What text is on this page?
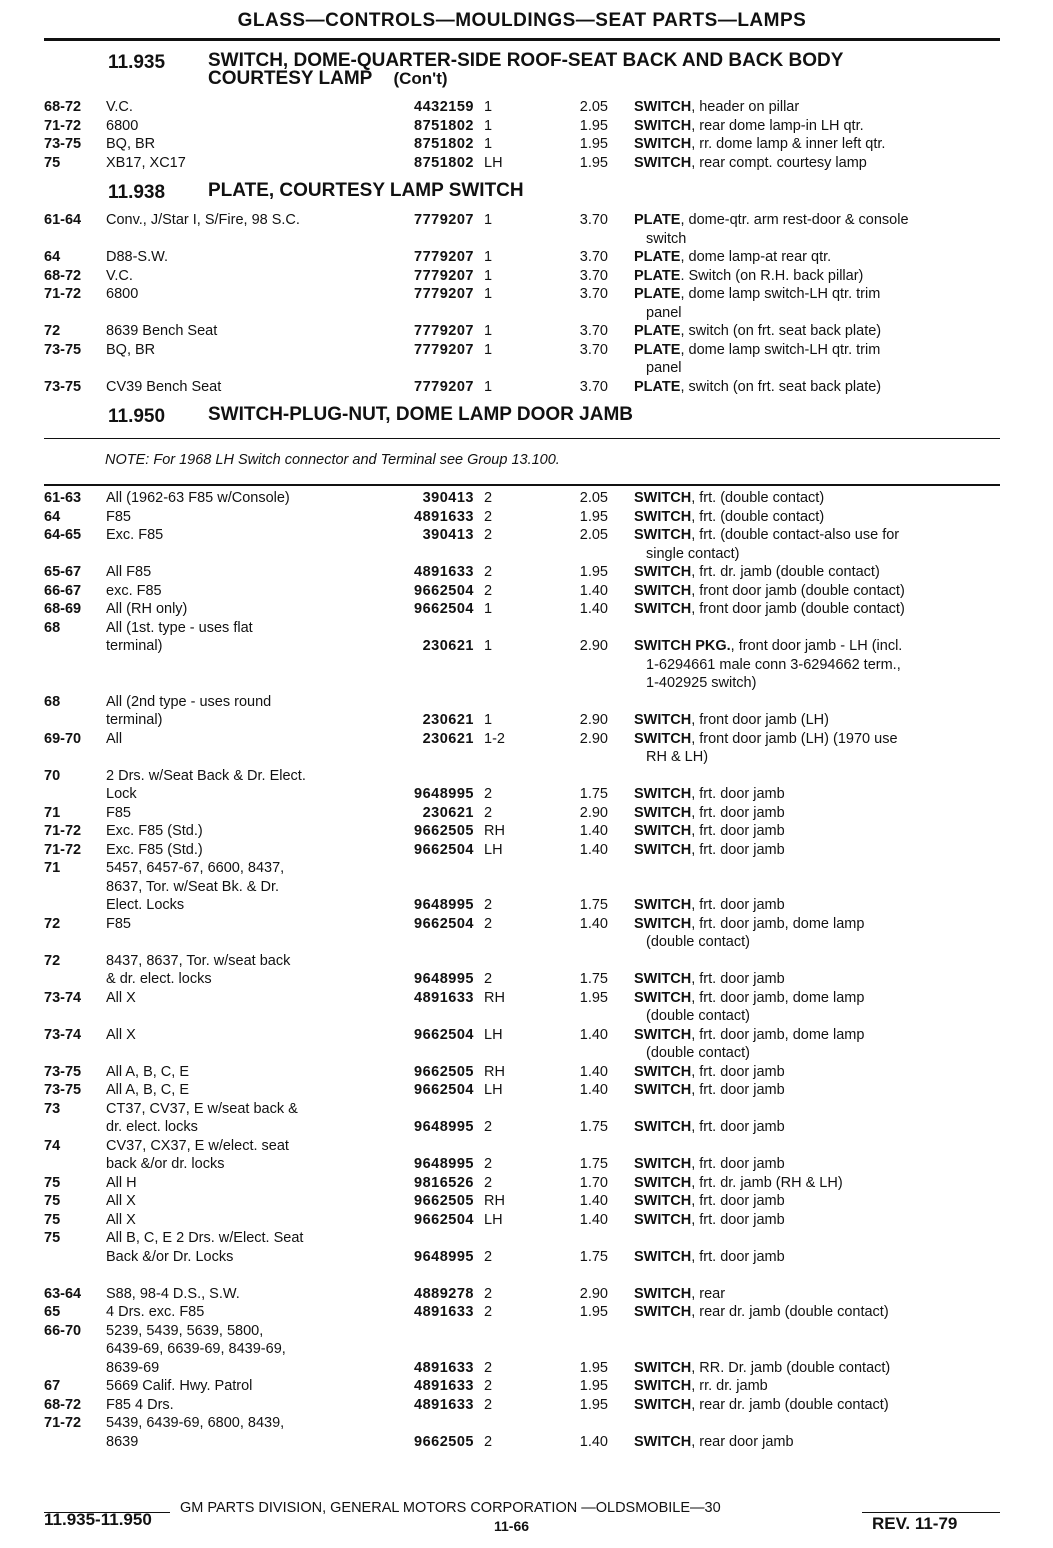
GLASS—CONTROLS—MOULDINGS—SEAT PARTS—LAMPS
11.935 SWITCH, DOME-QUARTER-SIDE ROOF-SEAT BACK AND BACK BODY
COURTESY LAMP (Con't)
68-72	V.C.	4432159 1	2.05 SWITCH, header on pillar
71-72	6800	8751802 1	1.95 SWITCH, rear dome lamp-in LH qtr.
73-75	BQ, BR	8751802 1	1.95 SWITCH, rr. dome lamp & inner left qtr.
75	XB17, XC17	8751802 LH	1.95 SWITCH, rear compt. courtesy lamp
11.938 PLATE, COURTESY LAMP SWITCH
61-64	Conv., J/Star I, S/Fire, 98 S.C.	7779207 1	3.70 PLATE, dome-qtr. arm rest-door & console
switch
64	D88-S.W.	7779207 1	3.70 PLATE, dome lamp-at rear qtr.
68-72	V.C.	7779207 1	3.70 PLATE. Switch (on R.H. back pillar)
71-72	6800	7779207 1	3.70 PLATE, dome lamp switch-LH qtr. trim
panel
72	8639 Bench Seat	7779207 1	3.70 PLATE, switch (on frt. seat back plate)
73-75	BQ, BR	7779207 1	3.70 PLATE, dome lamp switch-LH qtr. trim
panel
73-75	CV39 Bench Seat	7779207 1	3.70 PLATE, switch (on frt. seat back plate)
11.950 SWITCH-PLUG-NUT, DOME LAMP DOOR JAMB
NOTE: For 1968 LH Switch connector and Terminal see Group 13.100.
61-63	All (1962-63 F85 w/Console)	390413 2	2.05 SWITCH, frt. (double contact)
64	F85	4891633 2	1.95 SWITCH, frt. (double contact)
64-65	Exc. F85	390413 2	2.05 SWITCH, frt. (double contact-also use for
single contact)
65-67	All F85	4891633 2	1.95 SWITCH, frt. dr. jamb (double contact)
66-67	exc. F85	9662504 2	1.40 SWITCH, front door jamb (double contact)
68-69	All (RH only)	9662504 1	1.40 SWITCH, front door jamb (double contact)
68	All (1st. type - uses flat
terminal)	230621 1	2.90 SWITCH PKG., front door jamb - LH (incl.
1-6294661 male conn 3-6294662 term.,
1-402925 switch)
68	All (2nd type - uses round
terminal)	230621 1	2.90 SWITCH, front door jamb (LH)
69-70	All	230621 1-2	2.90 SWITCH, front door jamb (LH) (1970 use
RH & LH)
70	2 Drs. w/Seat Back & Dr. Elect.
Lock	9648995 2	1.75 SWITCH, frt. door jamb
71	F85	230621 2	2.90 SWITCH, frt. door jamb
71-72	Exc. F85 (Std.)	9662505 RH	1.40 SWITCH, frt. door jamb
71-72	Exc. F85 (Std.)	9662504 LH	1.40 SWITCH, frt. door jamb
71	5457, 6457-67, 6600, 8437,
8637, Tor. w/Seat Bk. & Dr.
Elect. Locks	9648995 2	1.75 SWITCH, frt. door jamb
72	F85	9662504 2	1.40 SWITCH, frt. door jamb, dome lamp
(double contact)
72	8437, 8637, Tor. w/seat back
& dr. elect. locks	9648995 2	1.75 SWITCH, frt. door jamb
73-74	All X	4891633 RH	1.95 SWITCH, frt. door jamb, dome lamp
(double contact)
73-74	All X	9662504 LH	1.40 SWITCH, frt. door jamb, dome lamp
(double contact)
73-75	All A, B, C, E	9662505 RH	1.40 SWITCH, frt. door jamb
73-75	All A, B, C, E	9662504 LH	1.40 SWITCH, frt. door jamb
73	CT37, CV37, E w/seat back &
dr. elect. locks	9648995 2	1.75 SWITCH, frt. door jamb
74	CV37, CX37, E w/elect. seat
back &/or dr. locks	9648995 2	1.75 SWITCH, frt. door jamb
75	All H	9816526 2	1.70 SWITCH, frt. dr. jamb (RH & LH)
75	All X	9662505 RH	1.40 SWITCH, frt. door jamb
75	All X	9662504 LH	1.40 SWITCH, frt. door jamb
75	All B, C, E 2 Drs. w/Elect. Seat
Back &/or Dr. Locks	9648995 2	1.75 SWITCH, frt. door jamb
63-64	S88, 98-4 D.S., S.W.	4889278 2	2.90 SWITCH, rear
65	4 Drs. exc. F85	4891633 2	1.95 SWITCH, rear dr. jamb (double contact)
66-70	5239, 5439, 5639, 5800,
6439-69, 6639-69, 8439-69,
8639-69	4891633 2	1.95 SWITCH, RR. Dr. jamb (double contact)
67	5669 Calif. Hwy. Patrol	4891633 2	1.95 SWITCH, rr. dr. jamb
68-72	F85 4 Drs.	4891633 2	1.95 SWITCH, rear dr. jamb (double contact)
71-72	5439, 6439-69, 6800, 8439,
8639	9662505 2	1.40 SWITCH, rear door jamb
GM PARTS DIVISION, GENERAL MOTORS CORPORATION —OLDSMOBILE—30
11.935-11.950	11-66	REV. 11-79
